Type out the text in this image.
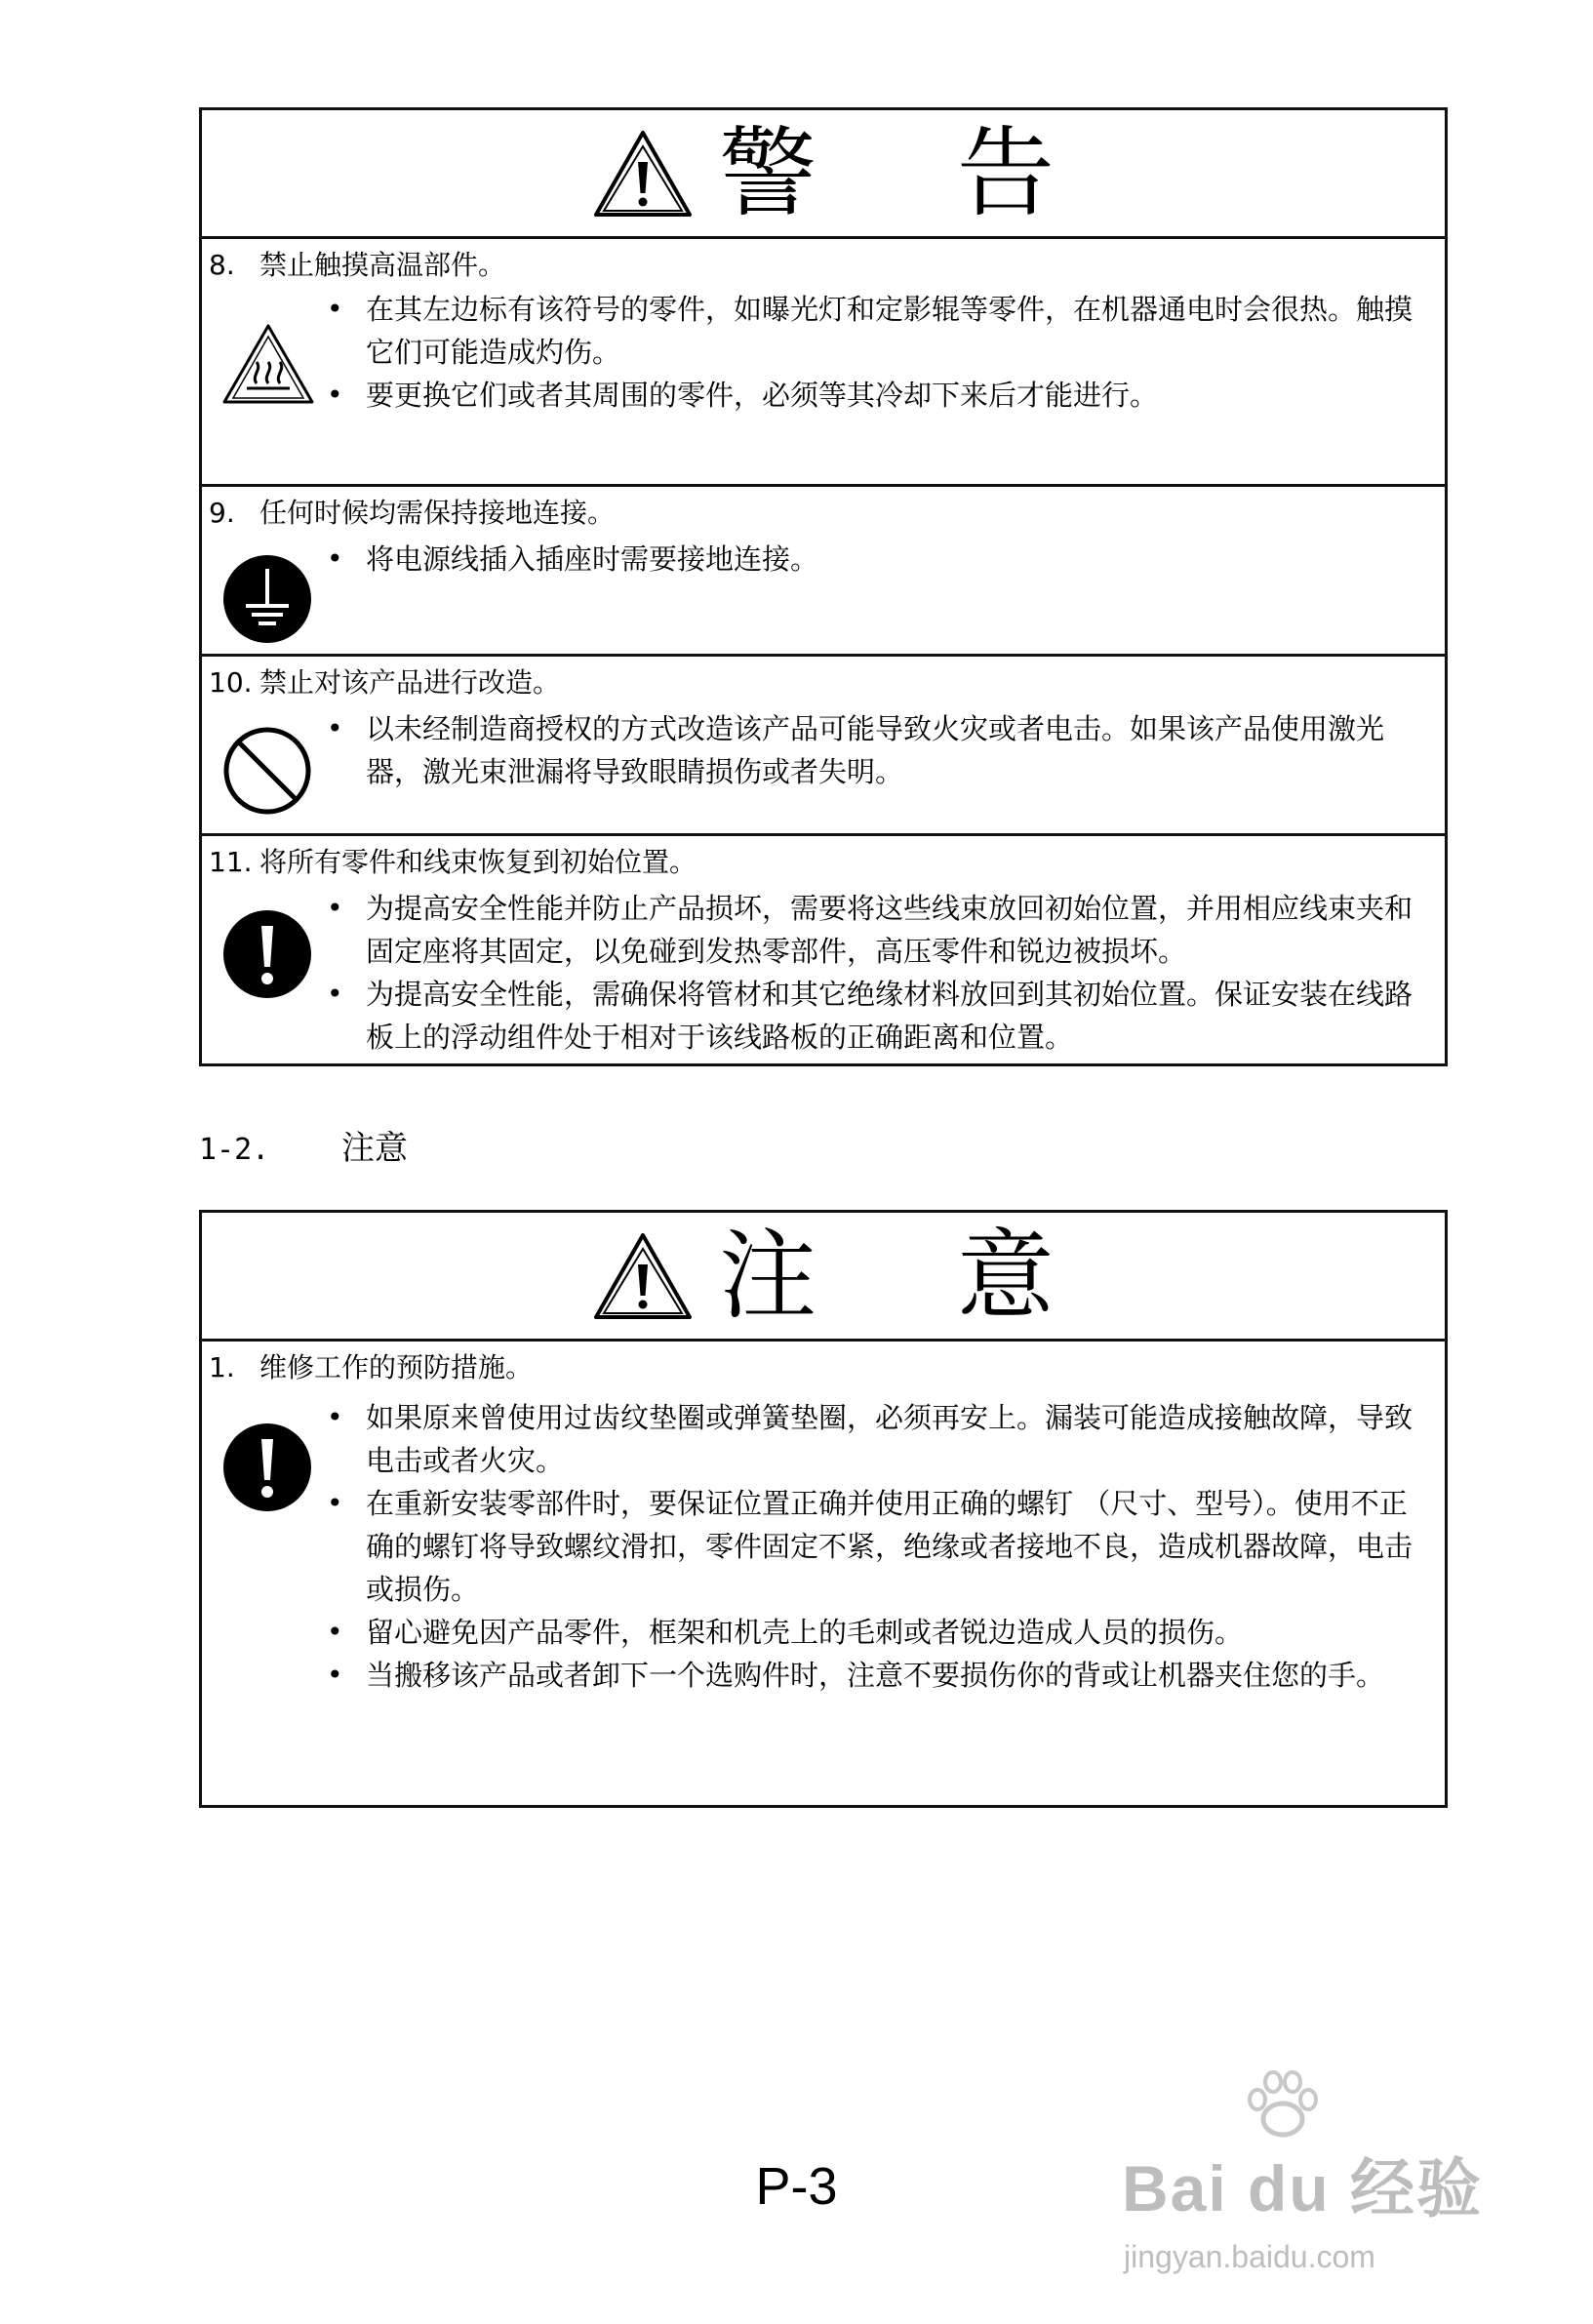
警 告
8. 禁止触摸高温部件。
• 在其左边标有该符号的零件，如曝光灯和定影辊等零件，在机器通电时会很热。触摸它们可能造成灼伤。
• 要更换它们或者其周围的零件，必须等其冷却下来后才能进行。
9. 任何时候均需保持接地连接。
• 将电源线插入插座时需要接地连接。
10. 禁止对该产品进行改造。
• 以未经制造商授权的方式改造该产品可能导致火灾或者电击。如果该产品使用激光器，激光束泄漏将导致眼睛损伤或者失明。
11. 将所有零件和线束恢复到初始位置。
• 为提高安全性能并防止产品损坏，需要将这些线束放回初始位置，并用相应线束夹和固定座将其固定，以免碰到发热零部件，高压零件和锐边被损坏。
• 为提高安全性能，需确保将管材和其它绝缘材料放回到其初始位置。保证安装在线路板上的浮动组件处于相对于该线路板的正确距离和位置。
1-2. 注意
注 意
1. 维修工作的预防措施。
• 如果原来曾使用过齿纹垫圈或弹簧垫圈，必须再安上。漏装可能造成接触故障，导致电击或者火灾。
• 在重新安装零部件时，要保证位置正确并使用正确的螺钉 （尺寸、型号）。使用不正确的螺钉将导致螺纹滑扣，零件固定不紧，绝缘或者接地不良，造成机器故障，电击或损伤。
• 留心避免因产品零件，框架和机壳上的毛刺或者锐边造成人员的损伤。
• 当搬移该产品或者卸下一个选购件时，注意不要损伤你的背或让机器夹住您的手。
P-3	Bai du 经验
jingyan.baidu.com
